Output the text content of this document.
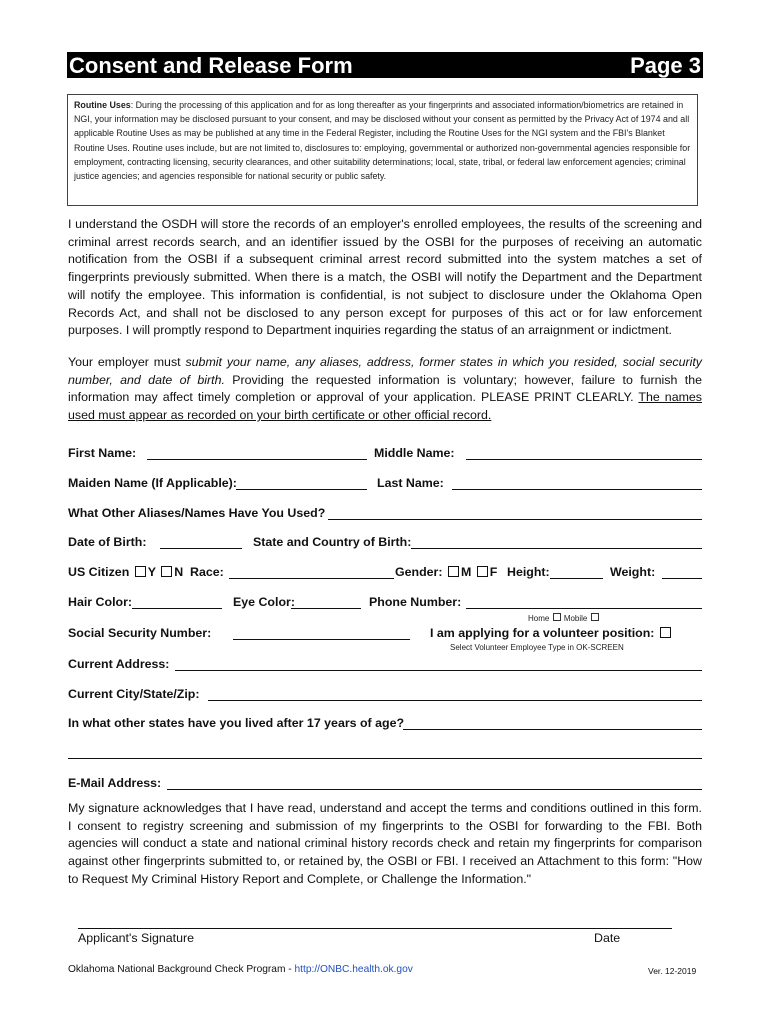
Consent and Release Form	Page 3
Routine Uses: During the processing of this application and for as long thereafter as your fingerprints and associated information/biometrics are retained in NGI, your information may be disclosed pursuant to your consent, and may be disclosed without your consent as permitted by the Privacy Act of 1974 and all applicable Routine Uses as may be published at any time in the Federal Register, including the Routine Uses for the NGI system and the FBI's Blanket Routine Uses. Routine uses include, but are not limited to, disclosures to: employing, governmental or authorized non-governmental agencies responsible for employment, contracting licensing, security clearances, and other suitability determinations; local, state, tribal, or federal law enforcement agencies; criminal justice agencies; and agencies responsible for national security or public safety.
I understand the OSDH will store the records of an employer's enrolled employees, the results of the screening and criminal arrest records search, and an identifier issued by the OSBI for the purposes of receiving an automatic notification from the OSBI if a subsequent criminal arrest record submitted into the system matches a set of fingerprints previously submitted. When there is a match, the OSBI will notify the Department and the Department will notify the employee. This information is confidential, is not subject to disclosure under the Oklahoma Open Records Act, and shall not be disclosed to any person except for purposes of this act or for law enforcement purposes. I will promptly respond to Department inquiries regarding the status of an arraignment or indictment.
Your employer must submit your name, any aliases, address, former states in which you resided, social security number, and date of birth. Providing the requested information is voluntary; however, failure to furnish the information may affect timely completion or approval of your application. PLEASE PRINT CLEARLY. The names used must appear as recorded on your birth certificate or other official record.
First Name:	Middle Name:
Maiden Name (If Applicable):	Last Name:
What Other Aliases/Names Have You Used?
Date of Birth:	State and Country of Birth:
US Citizen Y N Race:	Gender: M F Height:	Weight:
Hair Color:	Eye Color:	Phone Number:
Home Mobile
Social Security Number:	I am applying for a volunteer position:
Select Volunteer Employee Type in OK-SCREEN
Current Address:
Current City/State/Zip:
In what other states have you lived after 17 years of age?
E-Mail Address:
My signature acknowledges that I have read, understand and accept the terms and conditions outlined in this form. I consent to registry screening and submission of my fingerprints to the OSBI for forwarding to the FBI. Both agencies will conduct a state and national criminal history records check and retain my fingerprints for comparison against other fingerprints submitted to, or retained by, the OSBI or FBI. I received an Attachment to this form: "How to Request My Criminal History Report and Complete, or Challenge the Information."
Applicant's Signature	Date
Oklahoma National Background Check Program - http://ONBC.health.ok.gov	Ver. 12-2019
